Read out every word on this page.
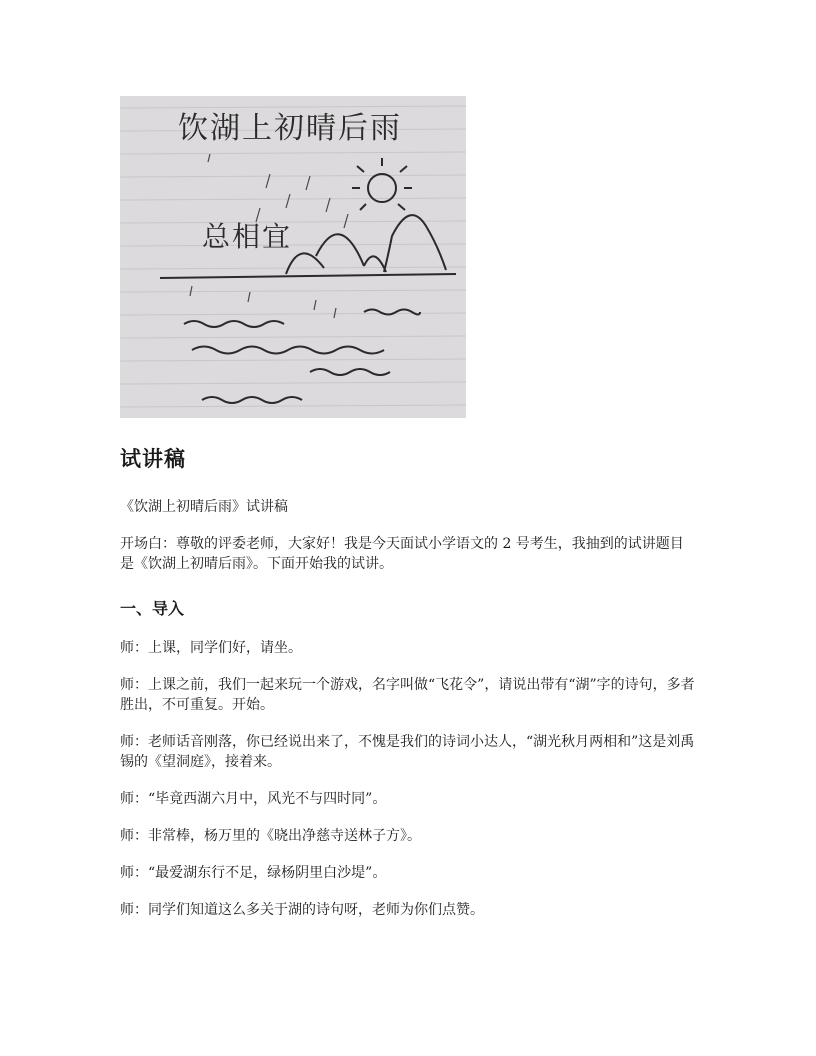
饮湖上初晴后雨
总相宜
试讲稿

《饮湖上初晴后雨》试讲稿

开场白：尊敬的评委老师，大家好！我是今天面试小学语文的 2 号考生，我抽到的试讲题目是《饮湖上初晴后雨》。下面开始我的试讲。

一、导入

师：上课，同学们好，请坐。

师：上课之前，我们一起来玩一个游戏，名字叫做“飞花令”，请说出带有“湖”字的诗句，多者胜出，不可重复。开始。

师：老师话音刚落，你已经说出来了，不愧是我们的诗词小达人，“湖光秋月两相和”这是刘禹锡的《望洞庭》，接着来。

师：“毕竟西湖六月中，风光不与四时同”。

师：非常棒，杨万里的《晓出净慈寺送林子方》。

师：“最爱湖东行不足，绿杨阴里白沙堤”。

师：同学们知道这么多关于湖的诗句呀，老师为你们点赞。
